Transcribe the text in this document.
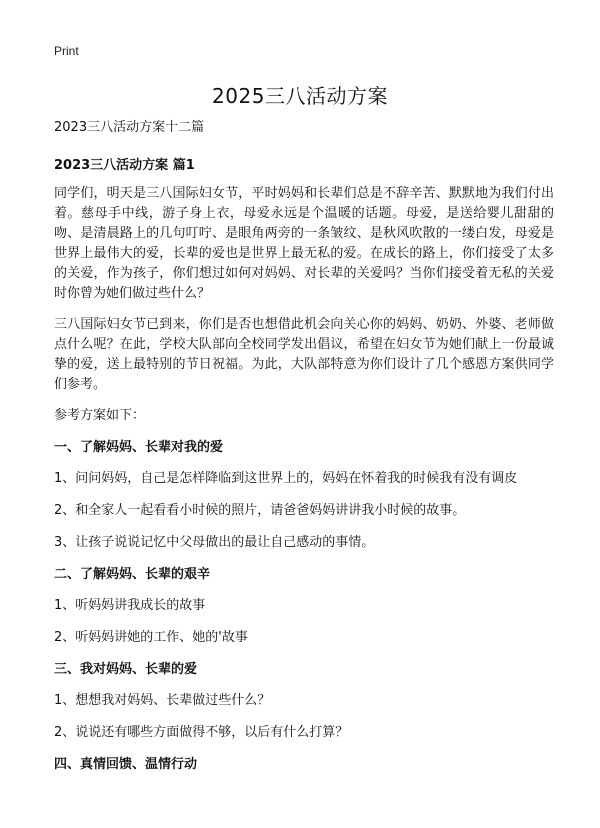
Print
2025三八活动方案
2023三八活动方案十二篇
2023三八活动方案 篇1
同学们，明天是三八国际妇女节，平时妈妈和长辈们总是不辞辛苦、默默地为我们付出着。慈母手中线，游子身上衣，母爱永远是个温暖的话题。母爱，是送给婴儿甜甜的吻、是清晨路上的几句叮咛、是眼角两旁的一条皱纹、是秋风吹散的一缕白发，母爱是世界上最伟大的爱，长辈的爱也是世界上最无私的爱。在成长的路上，你们接受了太多的关爱，作为孩子，你们想过如何对妈妈、对长辈的关爱吗？当你们接受着无私的关爱时你曾为她们做过些什么？
三八国际妇女节已到来，你们是否也想借此机会向关心你的妈妈、奶奶、外婆、老师做点什么呢？在此，学校大队部向全校同学发出倡议，希望在妇女节为她们献上一份最诚挚的爱，送上最特别的节日祝福。为此，大队部特意为你们设计了几个感恩方案供同学们参考。
参考方案如下：
一、了解妈妈、长辈对我的爱
1、问问妈妈，自己是怎样降临到这世界上的，妈妈在怀着我的时候我有没有调皮
2、和全家人一起看看小时候的照片，请爸爸妈妈讲讲我小时候的故事。
3、让孩子说说记忆中父母做出的最让自己感动的事情。
二、了解妈妈、长辈的艰辛
1、听妈妈讲我成长的故事
2、听妈妈讲她的工作、她的'故事
三、我对妈妈、长辈的爱
1、想想我对妈妈、长辈做过些什么？
2、说说还有哪些方面做得不够，以后有什么打算？
四、真情回馈、温情行动
